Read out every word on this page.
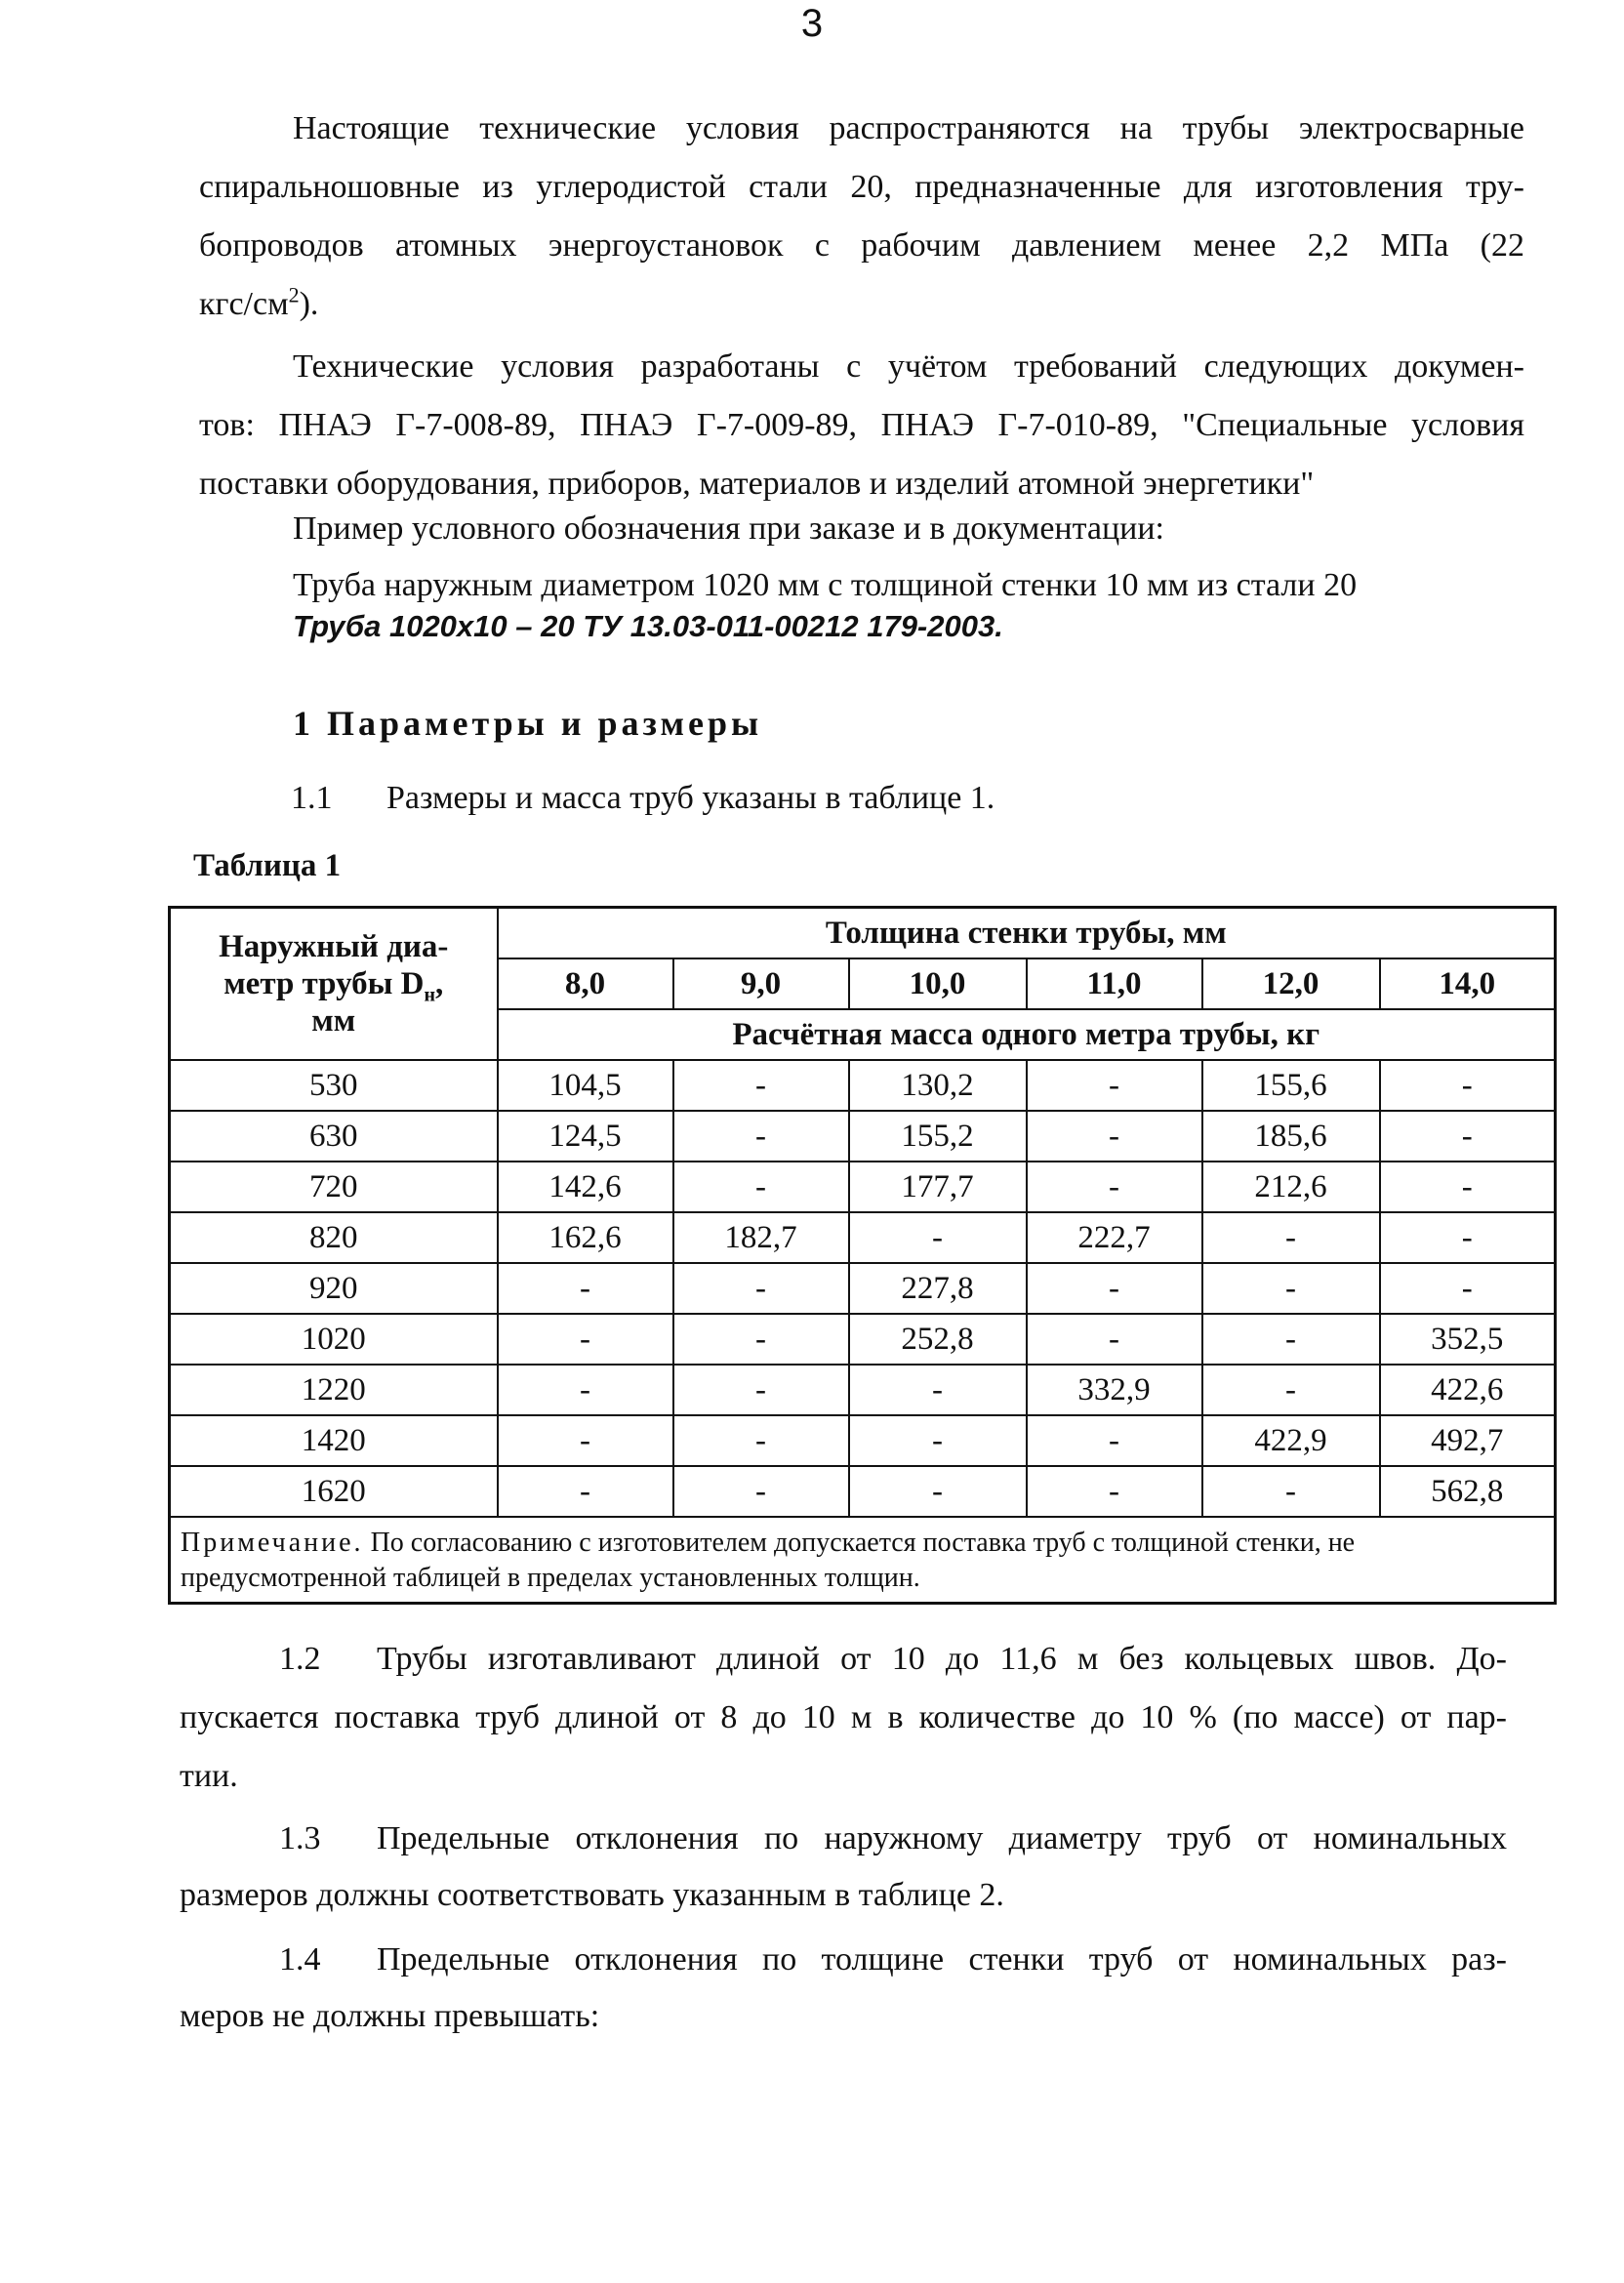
3

Настоящие технические условия распространяются на трубы электросварные

спиральношовные из углеродистой стали 20, предназначенные для изготовления тру-

бопроводов атомных энергоустановок с рабочим давлением менее 2,2 МПа (22

кгс/$см^2$).

Технические условия разработаны с учётом требований следующих докумен-

тов: ПНАЭ Г-7-008-89, ПНАЭ Г-7-009-89, ПНАЭ Г-7-010-89, "Специальные условия

поставки оборудования, приборов, материалов и изделий атомной энергетики"

Пример условного обозначения при заказе и в документации:

Труба наружным диаметром 1020 мм с толщиной стенки 10 мм из стали 20

Труба 1020х10 – 20 ТУ 13.03-011-00212 179-2003.
1 Параметры и размеры

1.1 Размеры и масса труб указаны в таблице 1.

Таблица 1
Наружный диа-
метр трубы $D_н$,
мм	Толщина стенки трубы, мм					
	8,0	9,0	10,0	11,0	12,0	14,0
	Расчётная масса одного метра трубы, кг					
530	104,5	-	130,2	-	155,6	-
630	124,5	-	155,2	-	185,6	-
720	142,6	-	177,7	-	212,6	-
820	162,6	182,7	-	222,7	-	-
920	-	-	227,8	-	-	-
1020	-	-	252,8	-	-	352,5
1220	-	-	-	332,9	-	422,6
1420	-	-	-	-	422,9	492,7
1620	-	-	-	-	-	562,8
Примечание. По согласованию с изготовителем допускается поставка труб с толщиной стенки, не предусмотренной таблицей в пределах установленных толщин.						

1.2 Трубы изготавливают длиной от 10 до 11,6 м без кольцевых швов. До-

пускается поставка труб длиной от 8 до 10 м в количестве до 10 % (по массе) от пар-

тии.

1.3 Предельные отклонения по наружному диаметру труб от номинальных

размеров должны соответствовать указанным в таблице 2.

1.4 Предельные отклонения по толщине стенки труб от номинальных раз-

меров не должны превышать:
